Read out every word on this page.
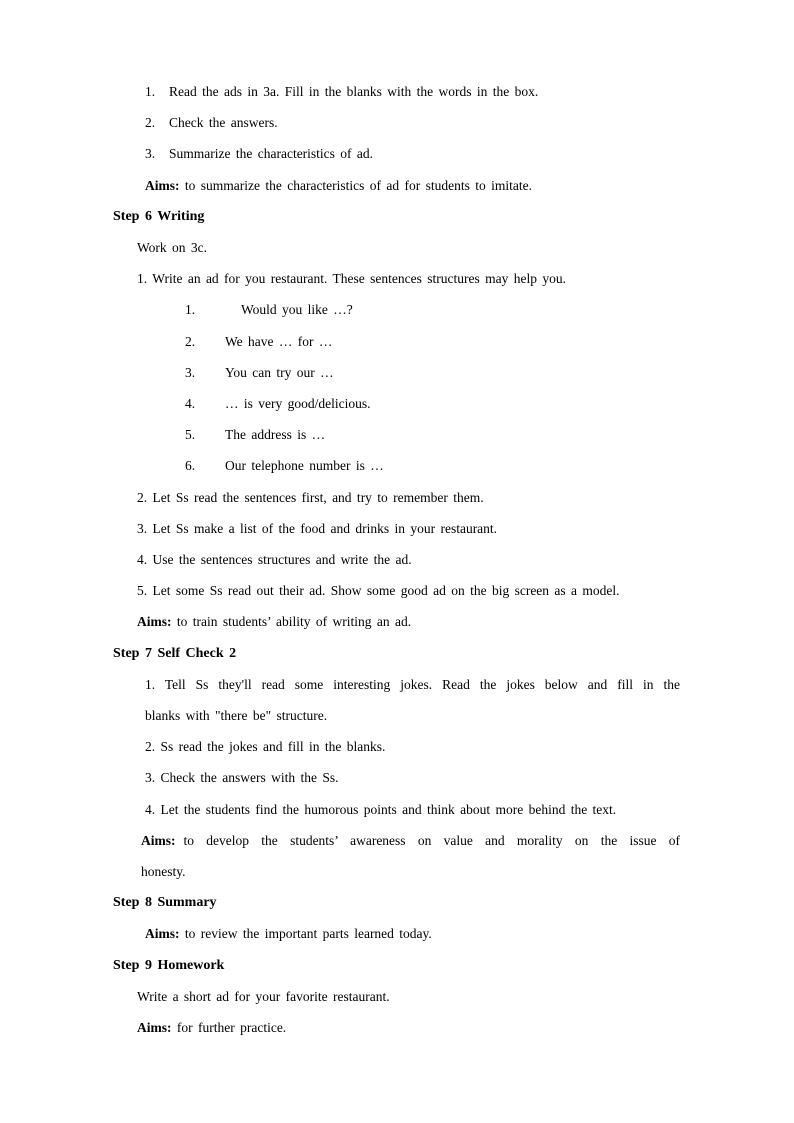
1. Read the ads in 3a. Fill in the blanks with the words in the box.
2. Check the answers.
3. Summarize the characteristics of ad.
Aims: to summarize the characteristics of ad for students to imitate.
Step 6 Writing
Work on 3c.
1. Write an ad for you restaurant. These sentences structures may help you.
1.	Would you like …?
2. We have … for …
3. You can try our …
4. … is very good/delicious.
5. The address is …
6. Our telephone number is …
2. Let Ss read the sentences first, and try to remember them.
3. Let Ss make a list of the food and drinks in your restaurant.
4. Use the sentences structures and write the ad.
5. Let some Ss read out their ad. Show some good ad on the big screen as a model.
Aims: to train students’ ability of writing an ad.
Step 7 Self Check 2
1. Tell Ss they'll read some interesting jokes. Read the jokes below and fill in the
blanks with "there be" structure.
2. Ss read the jokes and fill in the blanks.
3. Check the answers with the Ss.
4. Let the students find the humorous points and think about more behind the text.
Aims: to develop the students’ awareness on value and morality on the issue of
honesty.
Step 8 Summary
Aims: to review the important parts learned today.
Step 9 Homework
Write a short ad for your favorite restaurant.
Aims: for further practice.
